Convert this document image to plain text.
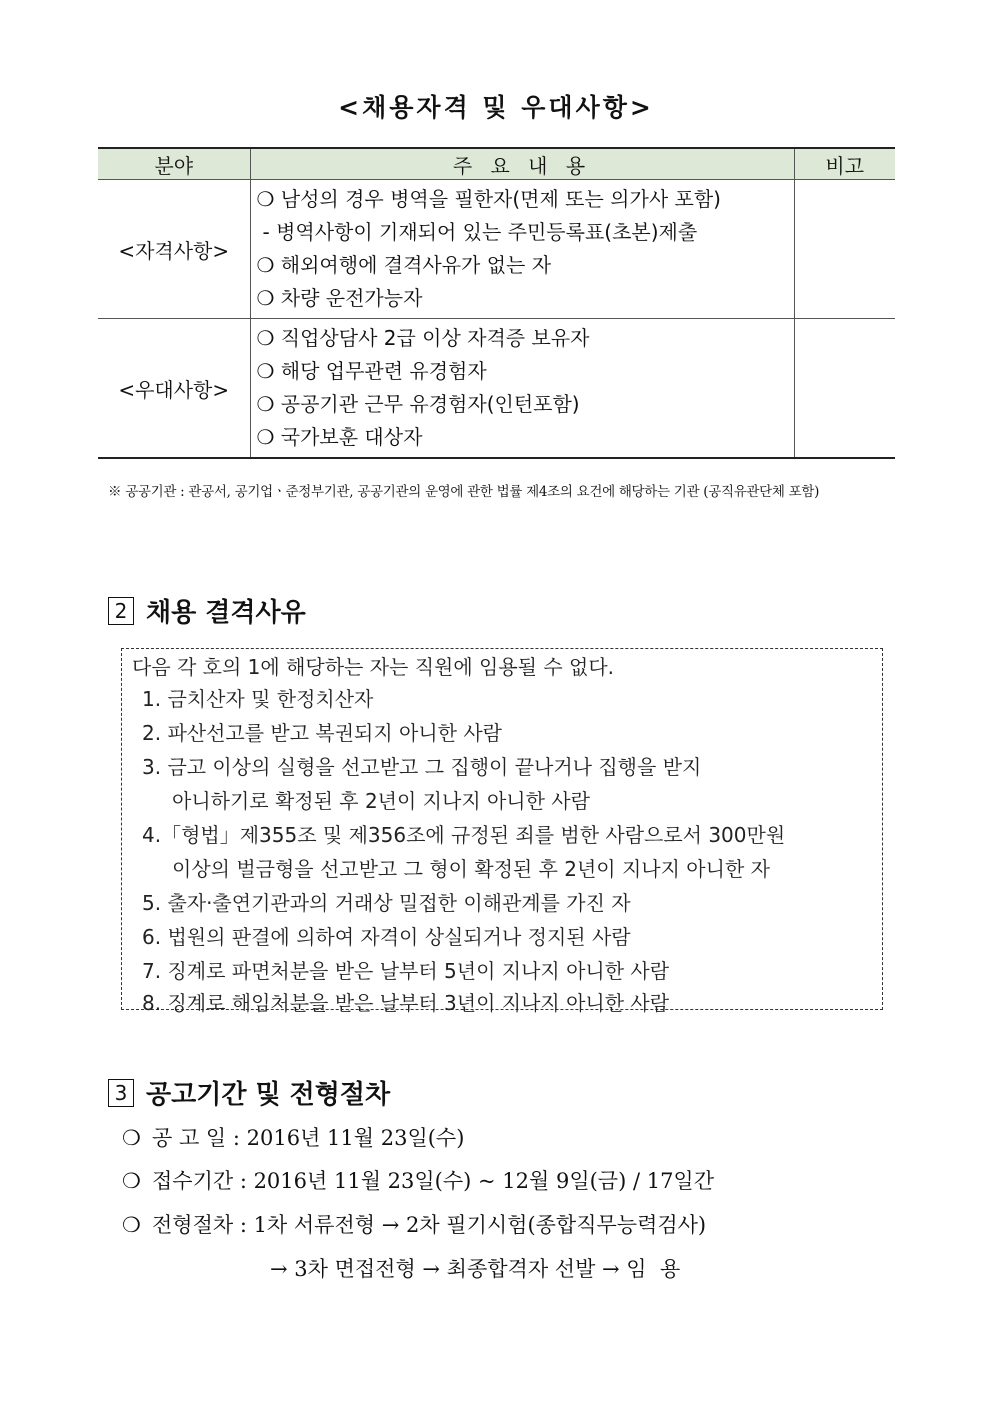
<채용자격 및 우대사항>
분야	주 요 내 용	비고
<자격사항>	❍ 남성의 경우 병역을 필한자(면제 또는 의가사 포함)
- 병역사항이 기재되어 있는 주민등록표(초본)제출
❍ 해외여행에 결격사유가 없는 자
❍ 차량 운전가능자	

<우대사항>	❍ 직업상담사 2급 이상 자격증 보유자
❍ 해당 업무관련 유경험자
❍ 공공기관 근무 유경험자(인턴포함)
❍ 국가보훈 대상자	

※ 공공기관 : 관공서, 공기업ㆍ준정부기관, 공공기관의 운영에 관한 법률 제4조의 요건에 해당하는 기관 (공직유관단체 포함)
2 채용 결격사유
다음 각 호의 1에 해당하는 자는 직원에 임용될 수 없다.
1. 금치산자 및 한정치산자
2. 파산선고를 받고 복권되지 아니한 사람
3. 금고 이상의 실형을 선고받고 그 집행이 끝나거나 집행을 받지
아니하기로 확정된 후 2년이 지나지 아니한 사람
4.「형법」제355조 및 제356조에 규정된 죄를 범한 사람으로서 300만원
이상의 벌금형을 선고받고 그 형이 확정된 후 2년이 지나지 아니한 자
5. 출자·출연기관과의 거래상 밀접한 이해관계를 가진 자
6. 법원의 판결에 의하여 자격이 상실되거나 정지된 사람
7. 징계로 파면처분을 받은 날부터 5년이 지나지 아니한 사람
8. 징계로 해임처분을 받은 날부터 3년이 지나지 아니한 사람
3 공고기간 및 전형절차
❍ 공 고 일 : 2016년 11월 23일(수)
❍ 접수기간 : 2016년 11월 23일(수) ~ 12월 9일(금) / 17일간
❍ 전형절차 : 1차 서류전형 → 2차 필기시험(종합직무능력검사)
→ 3차 면접전형 → 최종합격자 선발 → 임  용
